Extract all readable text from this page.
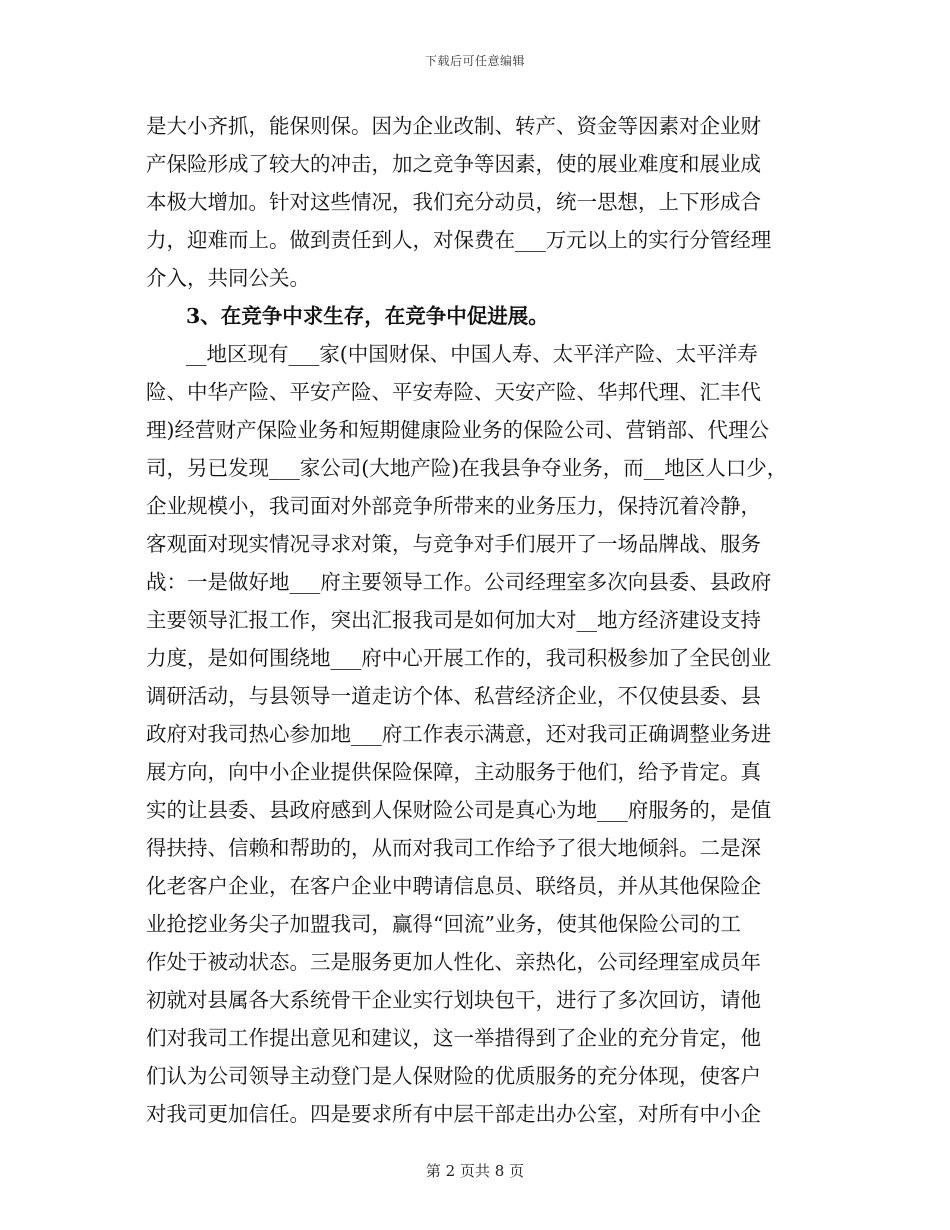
下载后可任意编辑
是大小齐抓，能保则保。因为企业改制、转产、资金等因素对企业财
产保险形成了较大的冲击，加之竞争等因素，使的展业难度和展业成
本极大增加。针对这些情况，我们充分动员，统一思想，上下形成合
力，迎难而上。做到责任到人，对保费在___万元以上的实行分管经理
介入，共同公关。
3、在竞争中求生存，在竞争中促进展。
__地区现有___家(中国财保、中国人寿、太平洋产险、太平洋寿
险、中华产险、平安产险、平安寿险、天安产险、华邦代理、汇丰代
理)经营财产保险业务和短期健康险业务的保险公司、营销部、代理公
司，另已发现___家公司(大地产险)在我县争夺业务，而__地区人口少，
企业规模小，我司面对外部竞争所带来的业务压力，保持沉着冷静，
客观面对现实情况寻求对策，与竞争对手们展开了一场品牌战、服务
战：一是做好地___府主要领导工作。公司经理室多次向县委、县政府
主要领导汇报工作，突出汇报我司是如何加大对__地方经济建设支持
力度，是如何围绕地___府中心开展工作的，我司积极参加了全民创业
调研活动，与县领导一道走访个体、私营经济企业，不仅使县委、县
政府对我司热心参加地___府工作表示满意，还对我司正确调整业务进
展方向，向中小企业提供保险保障，主动服务于他们，给予肯定。真
实的让县委、县政府感到人保财险公司是真心为地___府服务的，是值
得扶持、信赖和帮助的，从而对我司工作给予了很大地倾斜。二是深
化老客户企业，在客户企业中聘请信息员、联络员，并从其他保险企
业抢挖业务尖子加盟我司，赢得“回流”业务，使其他保险公司的工
作处于被动状态。三是服务更加人性化、亲热化，公司经理室成员年
初就对县属各大系统骨干企业实行划块包干，进行了多次回访，请他
们对我司工作提出意见和建议，这一举措得到了企业的充分肯定，他
们认为公司领导主动登门是人保财险的优质服务的充分体现，使客户
对我司更加信任。四是要求所有中层干部走出办公室，对所有中小企
第 2 页共 8 页
